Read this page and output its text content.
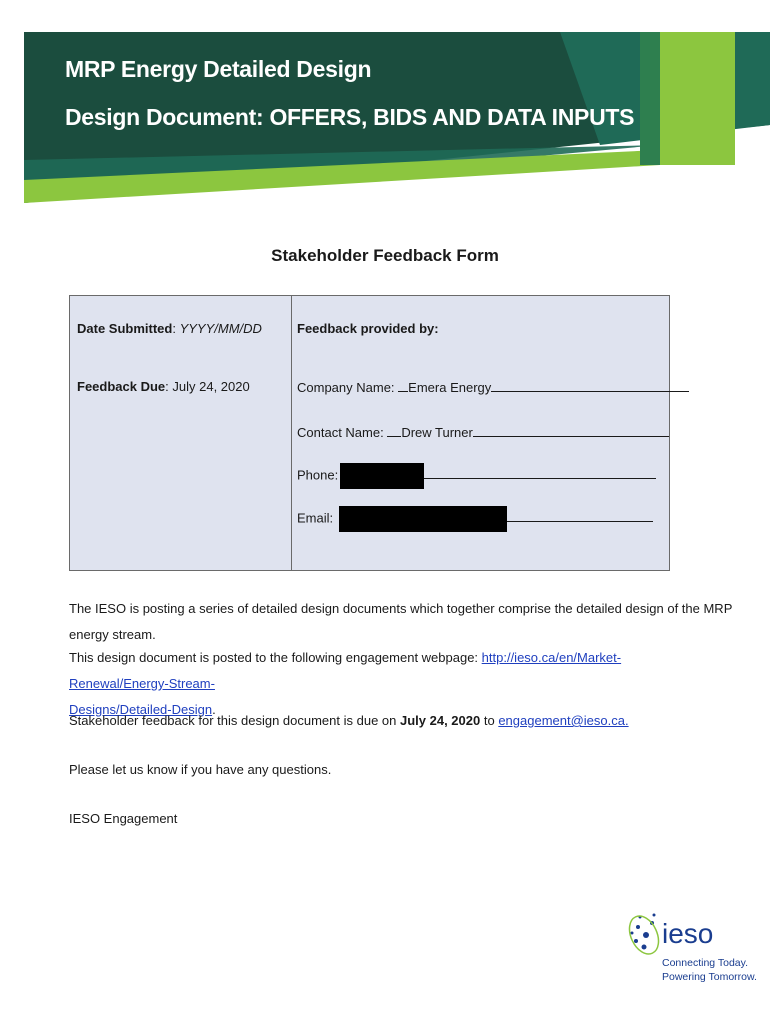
MRP Energy Detailed Design
Design Document: OFFERS, BIDS AND DATA INPUTS
Stakeholder Feedback Form
Date Submitted: YYYY/MM/DD
Feedback Due: July 24, 2020
Feedback provided by:
Company Name: Emera Energy
Contact Name: Drew Turner
Phone:
Email:
The IESO is posting a series of detailed design documents which together comprise the detailed design of the MRP energy stream.
This design document is posted to the following engagement webpage: http://ieso.ca/en/Market-Renewal/Energy-Stream-
Designs/Detailed-Design.
Stakeholder feedback for this design document is due on July 24, 2020 to engagement@ieso.ca.
Please let us know if you have any questions.
IESO Engagement
ieso
Connecting Today.
Powering Tomorrow.
